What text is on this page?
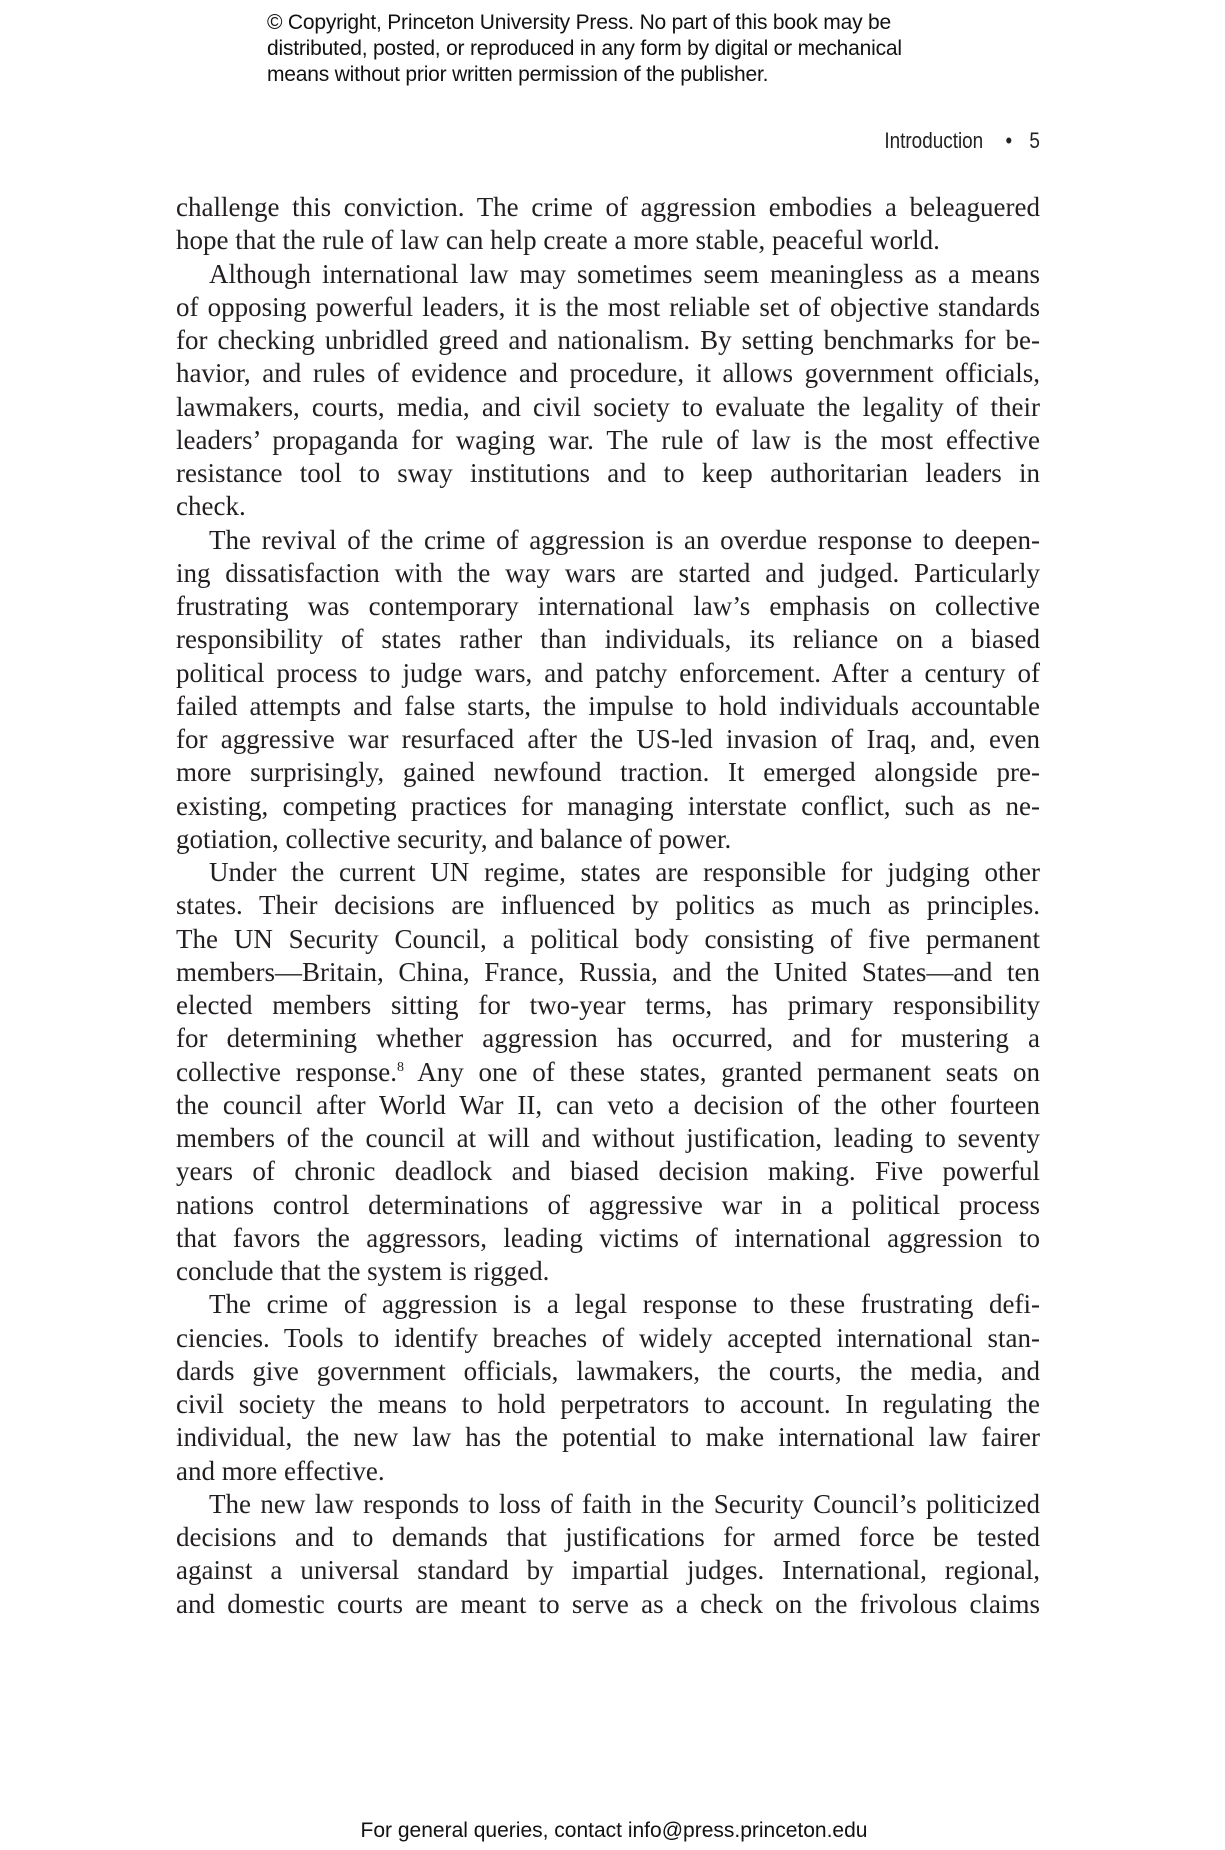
© Copyright, Princeton University Press. No part of this book may be
distributed, posted, or reproduced in any form by digital or mechanical
means without prior written permission of the publisher.
Introduction • 5
challenge this conviction. The crime of aggression embodies a beleaguered
hope that the rule of law can help create a more stable, peaceful world.
Although international law may sometimes seem meaningless as a means
of opposing powerful leaders, it is the most reliable set of objective standards
for checking unbridled greed and nationalism. By setting benchmarks for be-
havior, and rules of evidence and procedure, it allows government officials,
lawmakers, courts, media, and civil society to evaluate the legality of their
leaders’ propaganda for waging war. The rule of law is the most effective
resistance tool to sway institutions and to keep authoritarian leaders in
check.
The revival of the crime of aggression is an overdue response to deepen-
ing dissatisfaction with the way wars are started and judged. Particularly
frustrating was contemporary international law’s emphasis on collective
responsibility of states rather than individuals, its reliance on a biased
political process to judge wars, and patchy enforcement. After a century of
failed attempts and false starts, the impulse to hold individuals accountable
for aggressive war resurfaced after the US-led invasion of Iraq, and, even
more surprisingly, gained newfound traction. It emerged alongside pre-
existing, competing practices for managing interstate conflict, such as ne-
gotiation, collective security, and balance of power.
Under the current UN regime, states are responsible for judging other
states. Their decisions are influenced by politics as much as principles.
The UN Security Council, a political body consisting of five permanent
members—Britain, China, France, Russia, and the United States—and ten
elected members sitting for two-year terms, has primary responsibility
for determining whether aggression has occurred, and for mustering a
collective response.$^8$ Any one of these states, granted permanent seats on
the council after World War II, can veto a decision of the other fourteen
members of the council at will and without justification, leading to seventy
years of chronic deadlock and biased decision making. Five powerful
nations control determinations of aggressive war in a political process
that favors the aggressors, leading victims of international aggression to
conclude that the system is rigged.
The crime of aggression is a legal response to these frustrating defi-
ciencies. Tools to identify breaches of widely accepted international stan-
dards give government officials, lawmakers, the courts, the media, and
civil society the means to hold perpetrators to account. In regulating the
individual, the new law has the potential to make international law fairer
and more effective.
The new law responds to loss of faith in the Security Council’s politicized
decisions and to demands that justifications for armed force be tested
against a universal standard by impartial judges. International, regional,
and domestic courts are meant to serve as a check on the frivolous claims
For general queries, contact info@press.princeton.edu
